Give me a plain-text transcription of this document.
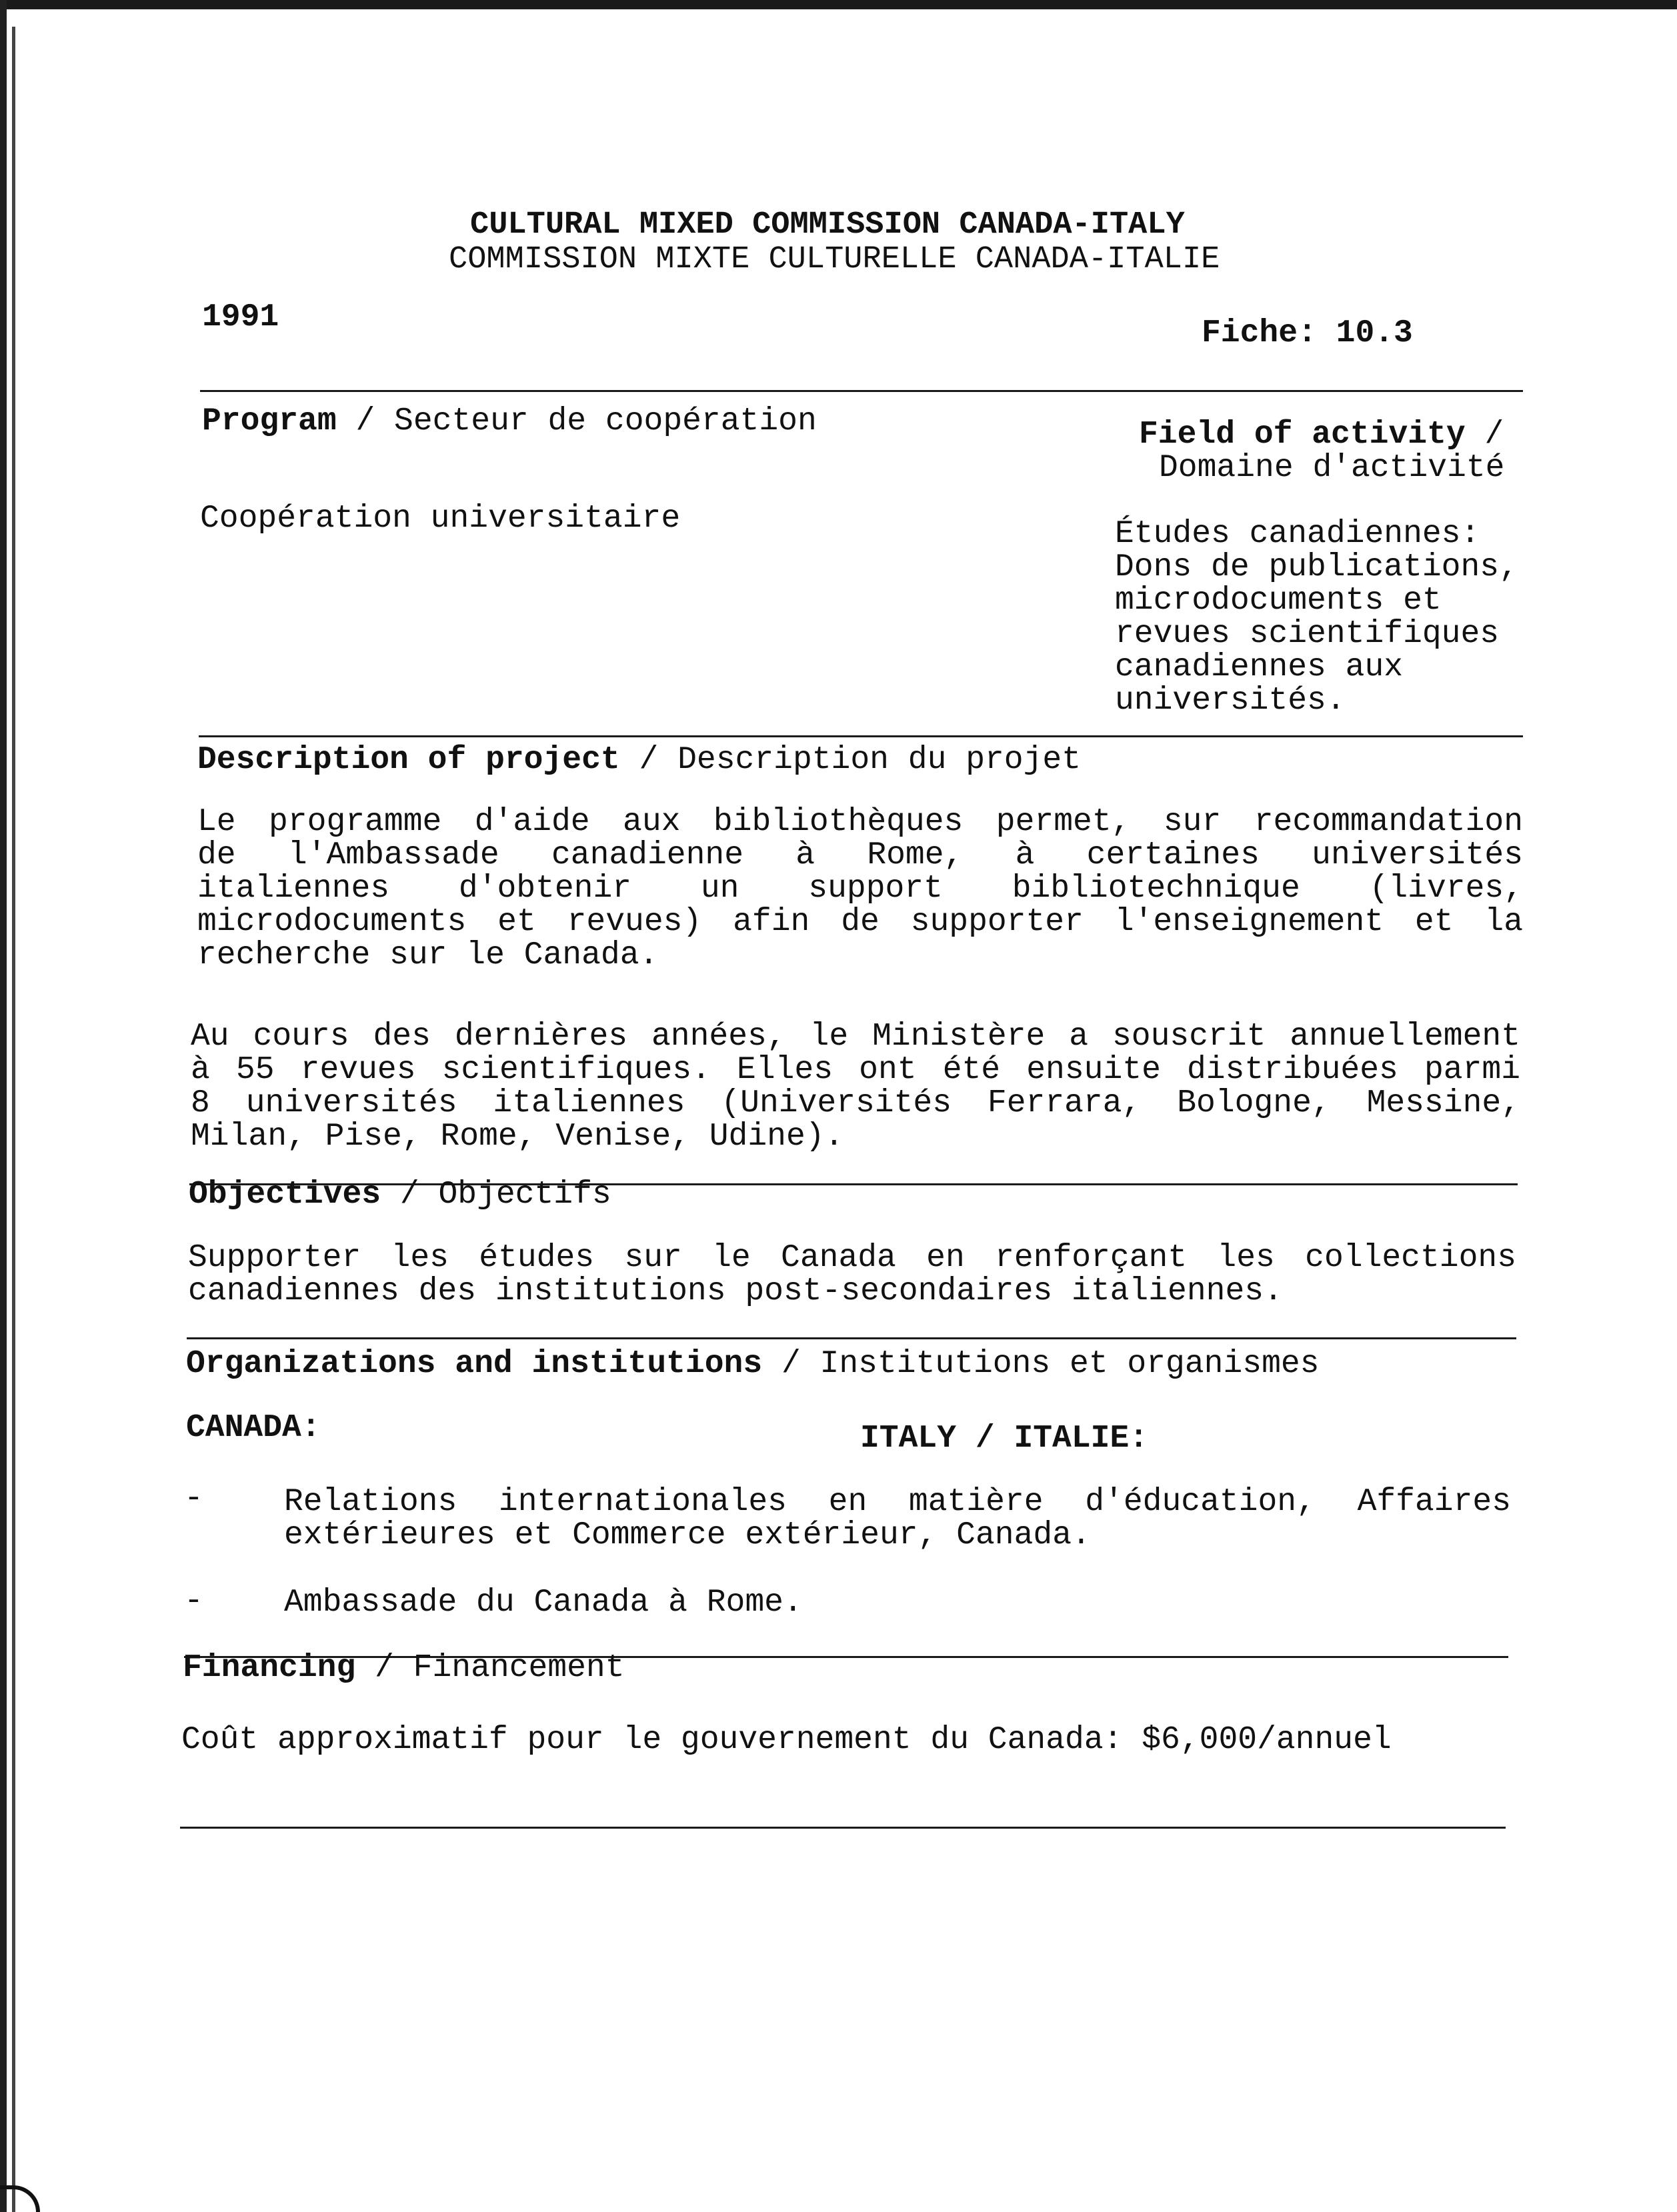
CULTURAL MIXED COMMISSION CANADA-ITALY
COMMISSION MIXTE CULTURELLE CANADA-ITALIE
1991	Fiche: 10.3
Program / Secteur de coopération
Coopération universitaire
Field of activity /
Domaine d'activité
Études canadiennes:
Dons de publications,
microdocuments et
revues scientifiques
canadiennes aux
universités.
Description of project / Description du projet
Le programme d'aide aux bibliothèques permet, sur recommandation
de l'Ambassade canadienne à Rome, à certaines universités
italiennes d'obtenir un support bibliotechnique (livres,
microdocuments et revues) afin de supporter l'enseignement et la
recherche sur le Canada.
Au cours des dernières années, le Ministère a souscrit annuellement
à 55 revues scientifiques. Elles ont été ensuite distribuées parmi
8 universités italiennes (Universités Ferrara, Bologne, Messine,
Milan, Pise, Rome, Venise, Udine).
Objectives / Objectifs
Supporter les études sur le Canada en renforçant les collections
canadiennes des institutions post-secondaires italiennes.
Organizations and institutions / Institutions et organismes
CANADA:	ITALY / ITALIE:
-	Relations internationales en matière d'éducation, Affaires
extérieures et Commerce extérieur, Canada.
-	Ambassade du Canada à Rome.
Financing / Financement
Coût approximatif pour le gouvernement du Canada: $6,000/annuel
